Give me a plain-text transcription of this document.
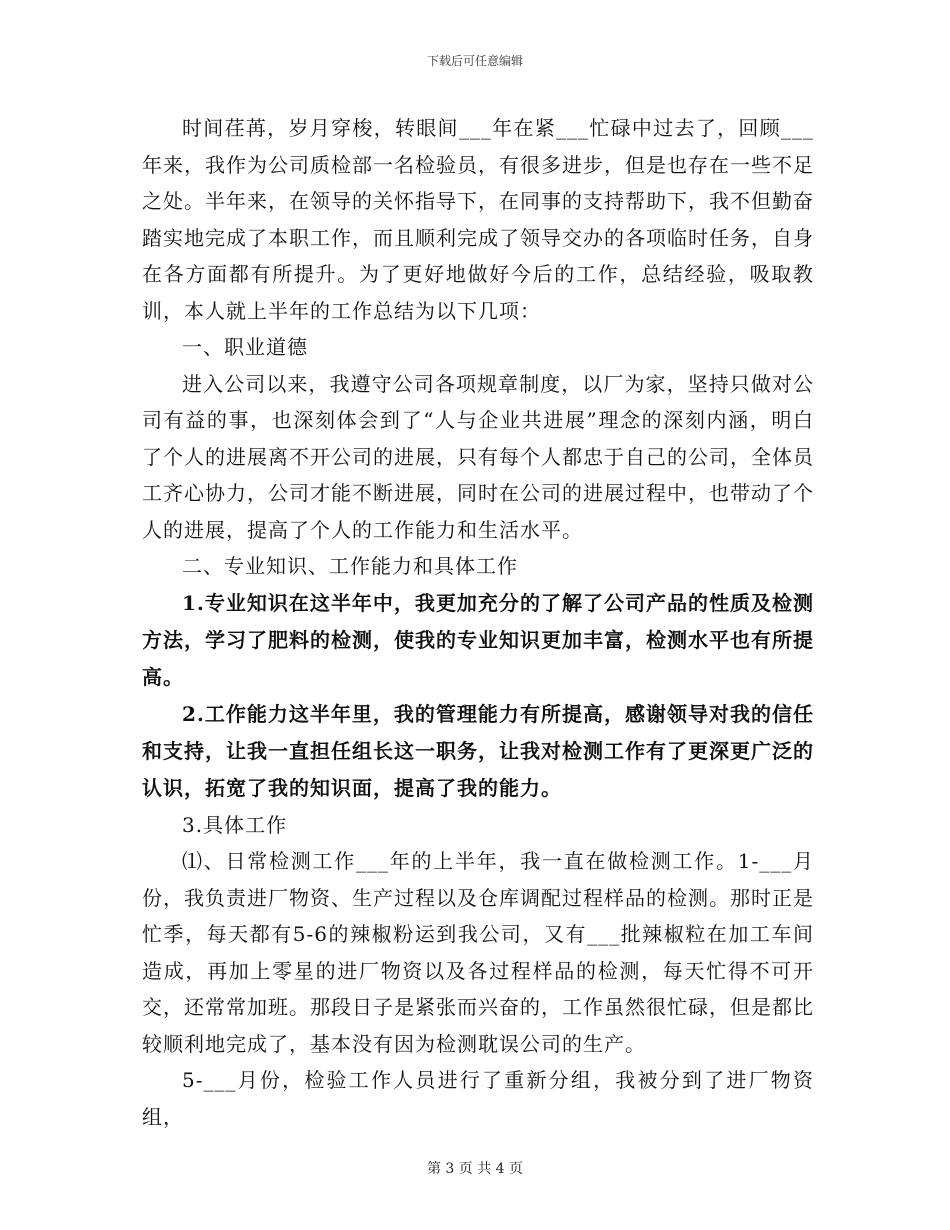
下载后可任意编辑

时间荏苒，岁月穿梭，转眼间___年在紧___忙碌中过去了，回顾___年来，我作为公司质检部一名检验员，有很多进步，但是也存在一些不足之处。半年来，在领导的关怀指导下，在同事的支持帮助下，我不但勤奋踏实地完成了本职工作，而且顺利完成了领导交办的各项临时任务，自身在各方面都有所提升。为了更好地做好今后的工作，总结经验，吸取教训，本人就上半年的工作总结为以下几项：

一、职业道德

进入公司以来，我遵守公司各项规章制度，以厂为家，坚持只做对公司有益的事，也深刻体会到了“人与企业共进展”理念的深刻内涵，明白了个人的进展离不开公司的进展，只有每个人都忠于自己的公司，全体员工齐心协力，公司才能不断进展，同时在公司的进展过程中，也带动了个人的进展，提高了个人的工作能力和生活水平。

二、专业知识、工作能力和具体工作

1.专业知识在这半年中，我更加充分的了解了公司产品的性质及检测方法，学习了肥料的检测，使我的专业知识更加丰富，检测水平也有所提高。

2.工作能力这半年里，我的管理能力有所提高，感谢领导对我的信任和支持，让我一直担任组长这一职务，让我对检测工作有了更深更广泛的认识，拓宽了我的知识面，提高了我的能力。

3.具体工作

⑴、日常检测工作___年的上半年，我一直在做检测工作。1-___月份，我负责进厂物资、生产过程以及仓库调配过程样品的检测。那时正是忙季，每天都有5-6的辣椒粉运到我公司，又有___批辣椒粒在加工车间造成，再加上零星的进厂物资以及各过程样品的检测，每天忙得不可开交，还常常加班。那段日子是紧张而兴奋的，工作虽然很忙碌，但是都比较顺利地完成了，基本没有因为检测耽误公司的生产。

5-___月份，检验工作人员进行了重新分组，我被分到了进厂物资组，

第 3 页 共 4 页
